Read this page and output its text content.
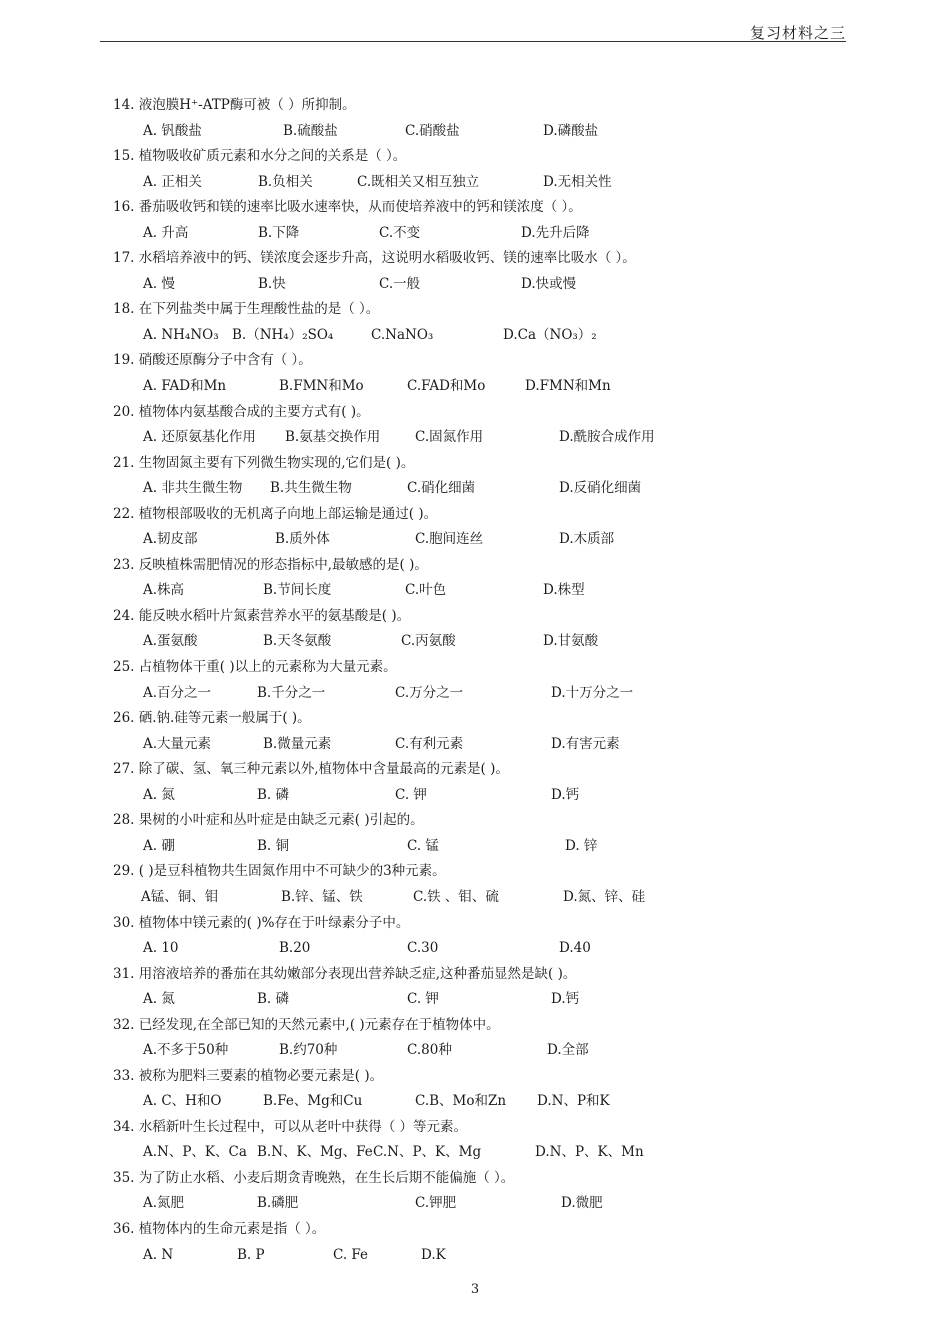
复习材料之三
14. 液泡膜H⁺-ATP酶可被（ ）所抑制。
A. 钒酸盐	B.硫酸盐	C.硝酸盐	D.磷酸盐
15. 植物吸收矿质元素和水分之间的关系是（ ）。
A. 正相关	B.负相关	C.既相关又相互独立	D.无相关性
16. 番茄吸收钙和镁的速率比吸水速率快，从而使培养液中的钙和镁浓度（ ）。
A. 升高	B.下降	C.不变	D.先升后降
17. 水稻培养液中的钙、镁浓度会逐步升高，这说明水稻吸收钙、镁的速率比吸水（ ）。
A. 慢	B.快	C.一般	D.快或慢
18. 在下列盐类中属于生理酸性盐的是（ ）。
A. NH₄NO₃ B.（NH₄）₂SO₄	C.NaNO₃	D.Ca（NO₃）₂
19. 硝酸还原酶分子中含有（ ）。
A. FAD和Mn	B.FMN和Mo	C.FAD和Mo	D.FMN和Mn
20. 植物体内氨基酸合成的主要方式有( )。
A. 还原氨基化作用 B.氨基交换作用	C.固氮作用	D.酰胺合成作用
21. 生物固氮主要有下列微生物实现的,它们是( )。
A. 非共生微生物 B.共生微生物	C.硝化细菌	D.反硝化细菌
22. 植物根部吸收的无机离子向地上部运输是通过( )。
A.韧皮部	B.质外体	C.胞间连丝	D.木质部
23. 反映植株需肥情况的形态指标中,最敏感的是( )。
A.株高	B.节间长度	C.叶色	D.株型
24. 能反映水稻叶片氮素营养水平的氨基酸是( )。
A.蛋氨酸	B.天冬氨酸	C.丙氨酸	D.甘氨酸
25. 占植物体干重( )以上的元素称为大量元素。
A.百分之一	B.千分之一	C.万分之一	D.十万分之一
26. 硒.钠.硅等元素一般属于( )。
A.大量元素	B.微量元素	C.有利元素	D.有害元素
27. 除了碳、氢、氧三种元素以外,植物体中含量最高的元素是( )。
A. 氮	B. 磷	C. 钾	D.钙
28. 果树的小叶症和丛叶症是由缺乏元素( )引起的。
A. 硼	B. 铜	C. 锰	D. 锌
29. ( )是豆科植物共生固氮作用中不可缺少的3种元素。
A锰、铜、钼	B.锌、锰、铁	C.铁 、钼、硫	D.氮、锌、硅
30. 植物体中镁元素的( )%存在于叶绿素分子中。
A. 10	B.20	C.30	D.40
31. 用溶液培养的番茄在其幼嫩部分表现出营养缺乏症,这种番茄显然是缺( )。
A. 氮	B. 磷	C. 钾	D.钙
32. 已经发现,在全部已知的天然元素中,( )元素存在于植物体中。
A.不多于50种	B.约70种	C.80种	D.全部
33. 被称为肥料三要素的植物必要元素是( )。
A. C、H和O	B.Fe、Mg和Cu	C.B、Mo和Zn D.N、P和K
34. 水稻新叶生长过程中，可以从老叶中获得（ ）等元素。
A.N、P、K、Ca B.N、K、Mg、Fe C.N、P、K、Mg	D.N、P、K、Mn
35. 为了防止水稻、小麦后期贪青晚熟，在生长后期不能偏施（ ）。
A.氮肥	B.磷肥	C.钾肥	D.微肥
36. 植物体内的生命元素是指（ ）。
A. N	B. P	C. Fe	D.K
3
